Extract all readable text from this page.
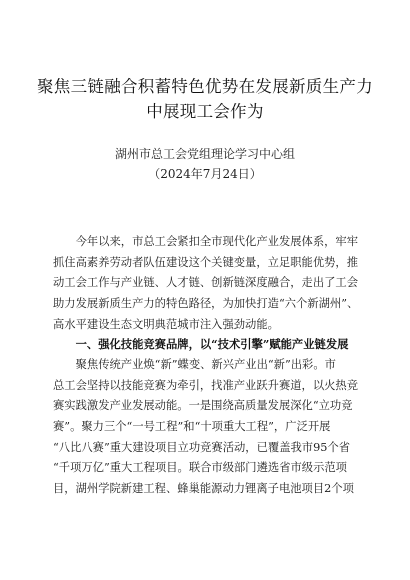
聚焦三链融合积蓄特色优势在发展新质生产力
中展现工会作为
湖州市总工会党组理论学习中心组
（2024年7月24日）
　　今年以来，市总工会紧扣全市现代化产业发展体系，牢牢
抓住高素养劳动者队伍建设这个关键变量，立足职能优势，推
动工会工作与产业链、人才链、创新链深度融合，走出了工会
助力发展新质生产力的特色路径，为加快打造“六个新湖州”、
高水平建设生态文明典范城市注入强劲动能。
　　一、强化技能竞赛品牌，以“技术引擎”赋能产业链发展
　　聚焦传统产业焕“新”蝶变、新兴产业出“新”出彩。市
总工会坚持以技能竞赛为牵引，找准产业跃升赛道，以火热竞
赛实践激发产业发展动能。一是围绕高质量发展深化“立功竞
赛”。聚力三个“一号工程”和“十项重大工程”，广泛开展
“八比八赛”重大建设项目立功竞赛活动，已覆盖我市95个省
“千项万亿”重大工程项目。联合市级部门遴选省市级示范项
目，湖州学院新建工程、蜂巢能源动力锂离子电池项目2个项
